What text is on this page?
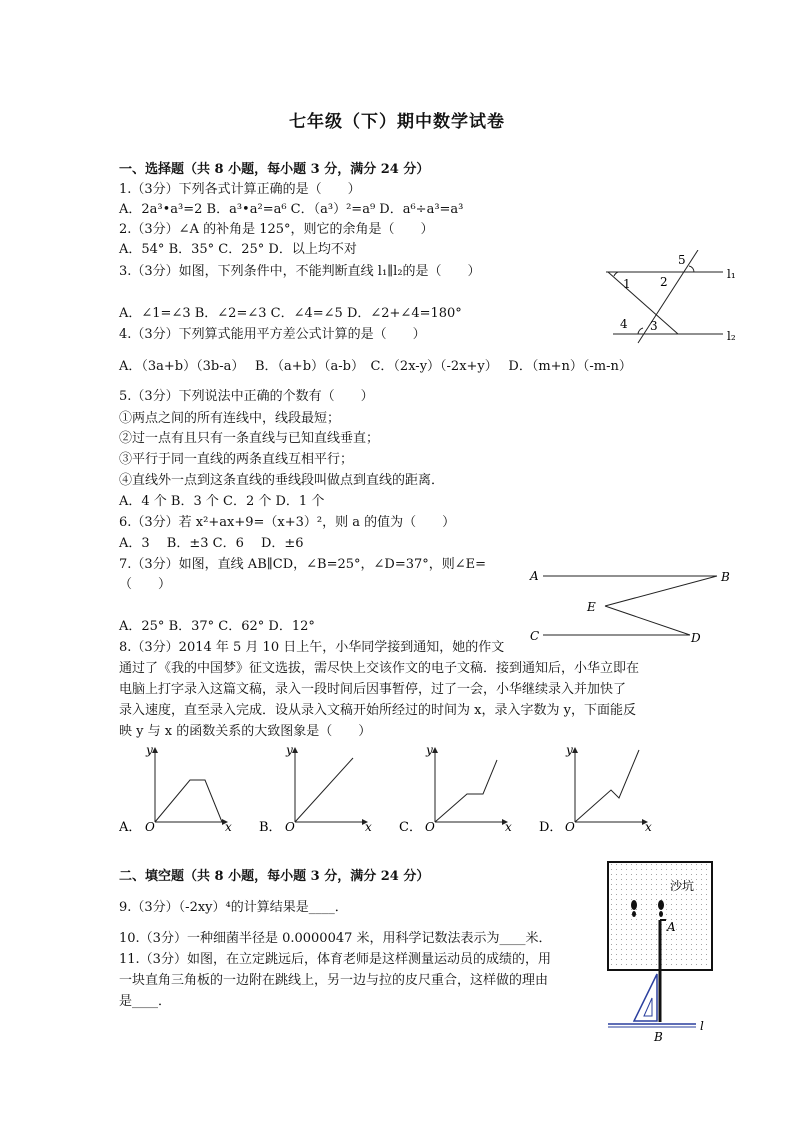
七年级（下）期中数学试卷
一、选择题（共 8 小题，每小题 3 分，满分 24 分）
1.（3分）下列各式计算正确的是（　　）
A．2a³•a³=2 B．a³•a²=a⁶ C．（a³）²=a⁹ D．a⁶÷a³=a³
2.（3分）∠A 的补角是 125°，则它的余角是（　　）
A．54° B．35° C．25° D．以上均不对
3.（3分）如图，下列条件中，不能判断直线 l₁∥l₂的是（　　）
A．∠1=∠3 B．∠2=∠3 C．∠4=∠5 D．∠2+∠4=180°
5
1 2
4 3
l₁
l₂
4.（3分）下列算式能用平方差公式计算的是（　　）
A．（3a+b）（3b-a）　 B．（a+b）（a-b）　C．（2x-y）（-2x+y）　 D．（m+n）（-m-n）
5.（3分）下列说法中正确的个数有（　　）
①两点之间的所有连线中，线段最短；
②过一点有且只有一条直线与已知直线垂直；
③平行于同一直线的两条直线互相平行；
④直线外一点到这条直线的垂线段叫做点到直线的距离．
A．4 个 B．3 个 C．2 个 D．1 个
6.（3分）若 x²+ax+9=（x+3）²，则 a 的值为（　　）
A．3　 B．±3 C．6　 D．±6
7.（3分）如图，直线 AB∥CD，∠B=25°，∠D=37°，则∠E=
（　　）
A．25° B．37° C．62° D．12°
A	B
C	D
E
8.（3分）2014 年 5 月 10 日上午，小华同学接到通知，她的作文
通过了《我的中国梦》征文选拔，需尽快上交该作文的电子文稿．接到通知后，小华立即在
电脑上打字录入这篇文稿，录入一段时间后因事暂停，过了一会，小华继续录入并加快了
录入速度，直至录入完成．设从录入文稿开始所经过的时间为 x，录入字数为 y，下面能反
映 y 与 x 的函数关系的大致图象是（　　）
A．
y
O	x B．
y
O	x C．
y
O	x D．
y
O	x
二、填空题（共 8 小题，每小题 3 分，满分 24 分）
9.（3分）（-2xy）⁴的计算结果是____．
10.（3分）一种细菌半径是 0.0000047 米，用科学记数法表示为____米．
11.（3分）如图，在立定跳远后，体育老师是这样测量运动员的成绩的，用
一块直角三角板的一边附在跳线上，另一边与拉的皮尺重合，这样做的理由
是____．
沙坑
A
l
B
